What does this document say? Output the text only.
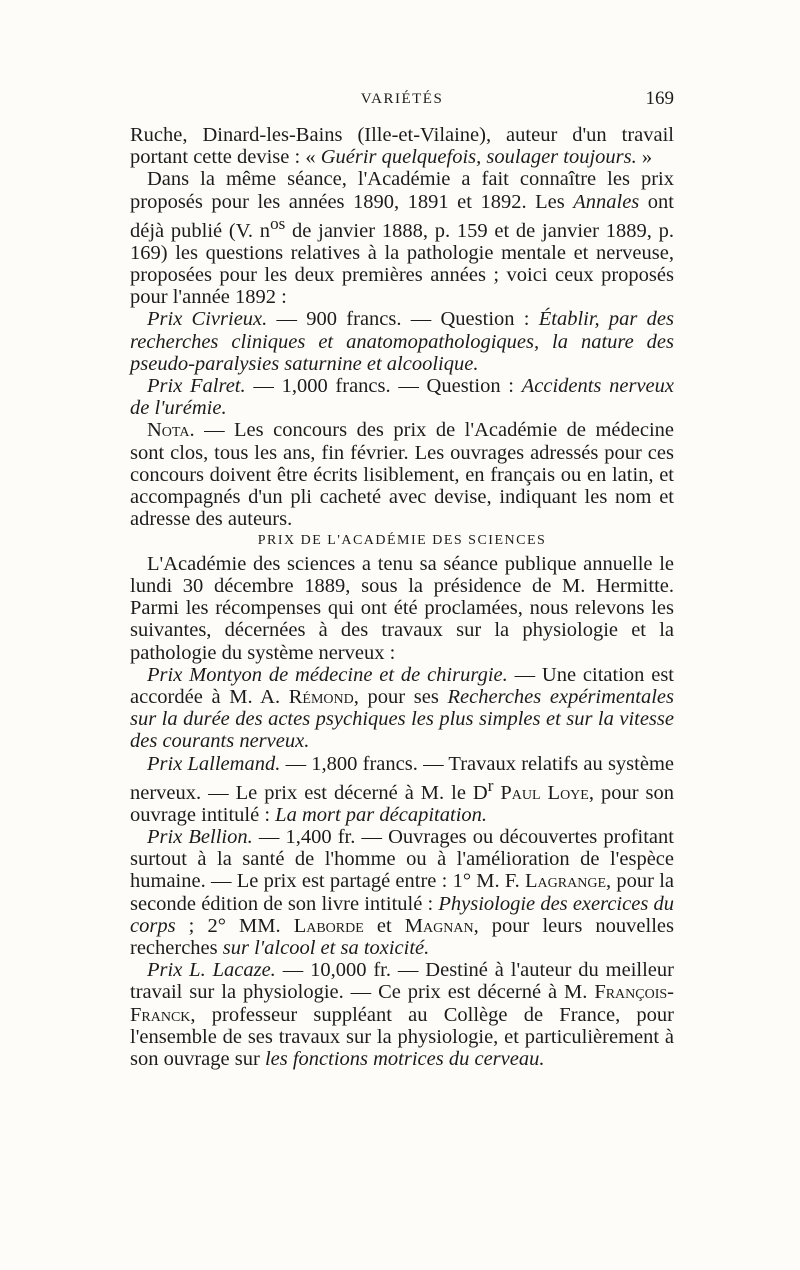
VARIÉTÉS	169

Ruche, Dinard-les-Bains (Ille-et-Vilaine), auteur d'un travail portant cette devise : « Guérir quelquefois, soulager toujours. »

Dans la même séance, l'Académie a fait connaître les prix proposés pour les années 1890, 1891 et 1892. Les Annales ont déjà publié (V. $n^{os}$ de janvier 1888, p. 159 et de janvier 1889, p. 169) les questions relatives à la pathologie mentale et nerveuse, proposées pour les deux premières années ; voici ceux proposés pour l'année 1892 :

Prix Civrieux. — 900 francs. — Question : Établir, par des recherches cliniques et anatomopathologiques, la nature des pseudo-paralysies saturnine et alcoolique.

Prix Falret. — 1,000 francs. — Question : Accidents nerveux de l'urémie.

Nota. — Les concours des prix de l'Académie de médecine sont clos, tous les ans, fin février. Les ouvrages adressés pour ces concours doivent être écrits lisiblement, en français ou en latin, et accompagnés d'un pli cacheté avec devise, indiquant les nom et adresse des auteurs.

PRIX DE L'ACADÉMIE DES SCIENCES

L'Académie des sciences a tenu sa séance publique annuelle le lundi 30 décembre 1889, sous la présidence de M. Hermitte. Parmi les récompenses qui ont été proclamées, nous relevons les suivantes, décernées à des travaux sur la physiologie et la pathologie du système nerveux :

Prix Montyon de médecine et de chirurgie. — Une citation est accordée à M. A. Rémond, pour ses Recherches expérimentales sur la durée des actes psychiques les plus simples et sur la vitesse des courants nerveux.

Prix Lallemand. — 1,800 francs. — Travaux relatifs au système nerveux. — Le prix est décerné à M. le $D^r$ Paul Loye, pour son ouvrage intitulé : La mort par décapitation.

Prix Bellion. — 1,400 fr. — Ouvrages ou découvertes profitant surtout à la santé de l'homme ou à l'amélioration de l'espèce humaine. — Le prix est partagé entre : 1° M. F. Lagrange, pour la seconde édition de son livre intitulé : Physiologie des exercices du corps ; 2° MM. Laborde et Magnan, pour leurs nouvelles recherches sur l'alcool et sa toxicité.

Prix L. Lacaze. — 10,000 fr. — Destiné à l'auteur du meilleur travail sur la physiologie. — Ce prix est décerné à M. François-Franck, professeur suppléant au Collège de France, pour l'ensemble de ses travaux sur la physiologie, et particulièrement à son ouvrage sur les fonctions motrices du cerveau.
